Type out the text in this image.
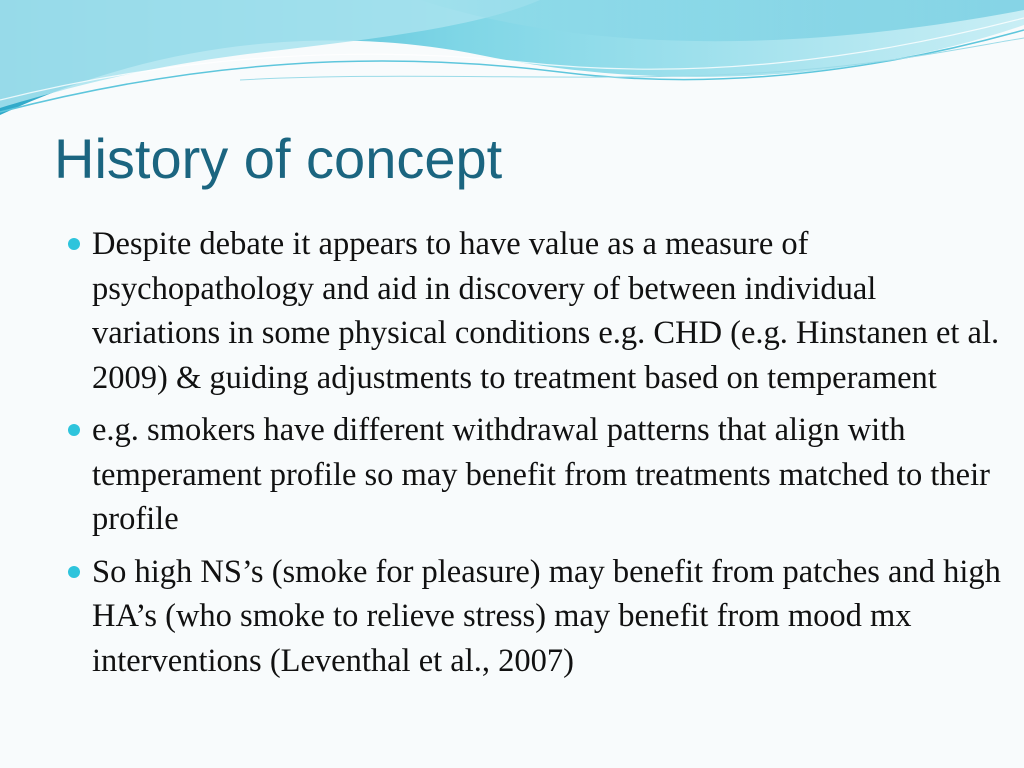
History of concept
Despite debate it appears to have value as a measure of psychopathology and aid in discovery of between individual variations in some physical conditions e.g. CHD (e.g. Hinstanen et al. 2009) & guiding adjustments to treatment based on temperament
e.g. smokers have different withdrawal patterns that align with temperament profile so may benefit from treatments matched to their profile
So high NS’s (smoke for pleasure) may benefit from patches and high HA’s (who smoke to relieve stress) may benefit from mood mx interventions (Leventhal et al., 2007)
